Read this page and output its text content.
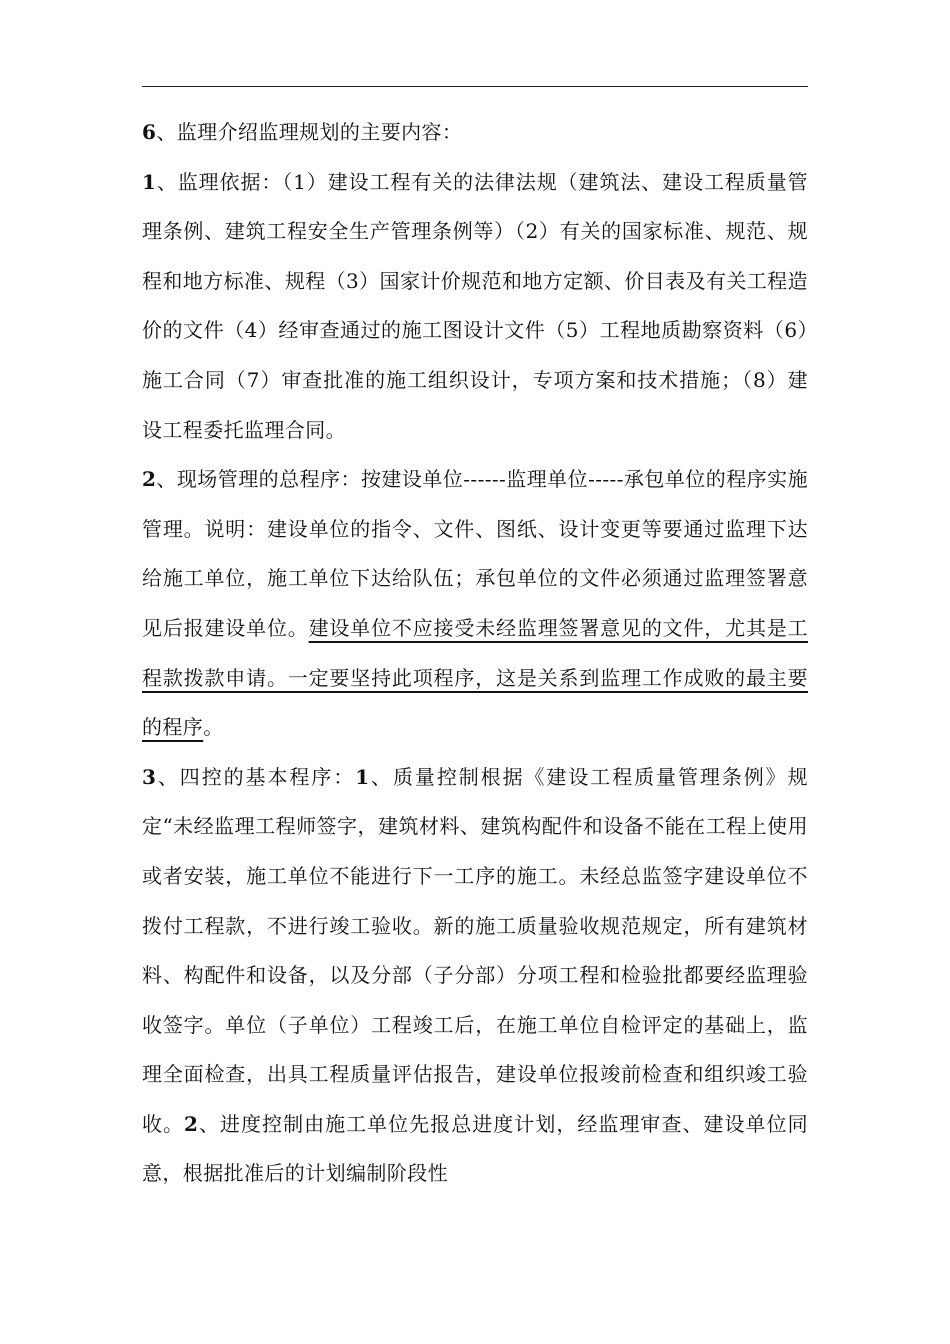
6、监理介绍监理规划的主要内容：

1、监理依据：（1）建设工程有关的法律法规（建筑法、建设工程质量管理条例、建筑工程安全生产管理条例等）（2）有关的国家标准、规范、规程和地方标准、规程（3）国家计价规范和地方定额、价目表及有关工程造价的文件（4）经审查通过的施工图设计文件（5）工程地质勘察资料（6）施工合同（7）审查批准的施工组织设计，专项方案和技术措施；（8）建设工程委托监理合同。

2、现场管理的总程序：按建设单位------监理单位-----承包单位的程序实施管理。说明：建设单位的指令、文件、图纸、设计变更等要通过监理下达给施工单位，施工单位下达给队伍；承包单位的文件必须通过监理签署意见后报建设单位。建设单位不应接受未经监理签署意见的文件，尤其是工程款拨款申请。一定要坚持此项程序，这是关系到监理工作成败的最主要的程序。

3、四控的基本程序：1、质量控制根据《建设工程质量管理条例》规定“未经监理工程师签字，建筑材料、建筑构配件和设备不能在工程上使用或者安装，施工单位不能进行下一工序的施工。未经总监签字建设单位不拨付工程款，不进行竣工验收。新的施工质量验收规范规定，所有建筑材料、构配件和设备，以及分部（子分部）分项工程和检验批都要经监理验收签字。单位（子单位）工程竣工后，在施工单位自检评定的基础上，监理全面检查，出具工程质量评估报告，建设单位报竣前检查和组织竣工验收。2、进度控制由施工单位先报总进度计划，经监理审查、建设单位同意，根据批准后的计划编制阶段性
